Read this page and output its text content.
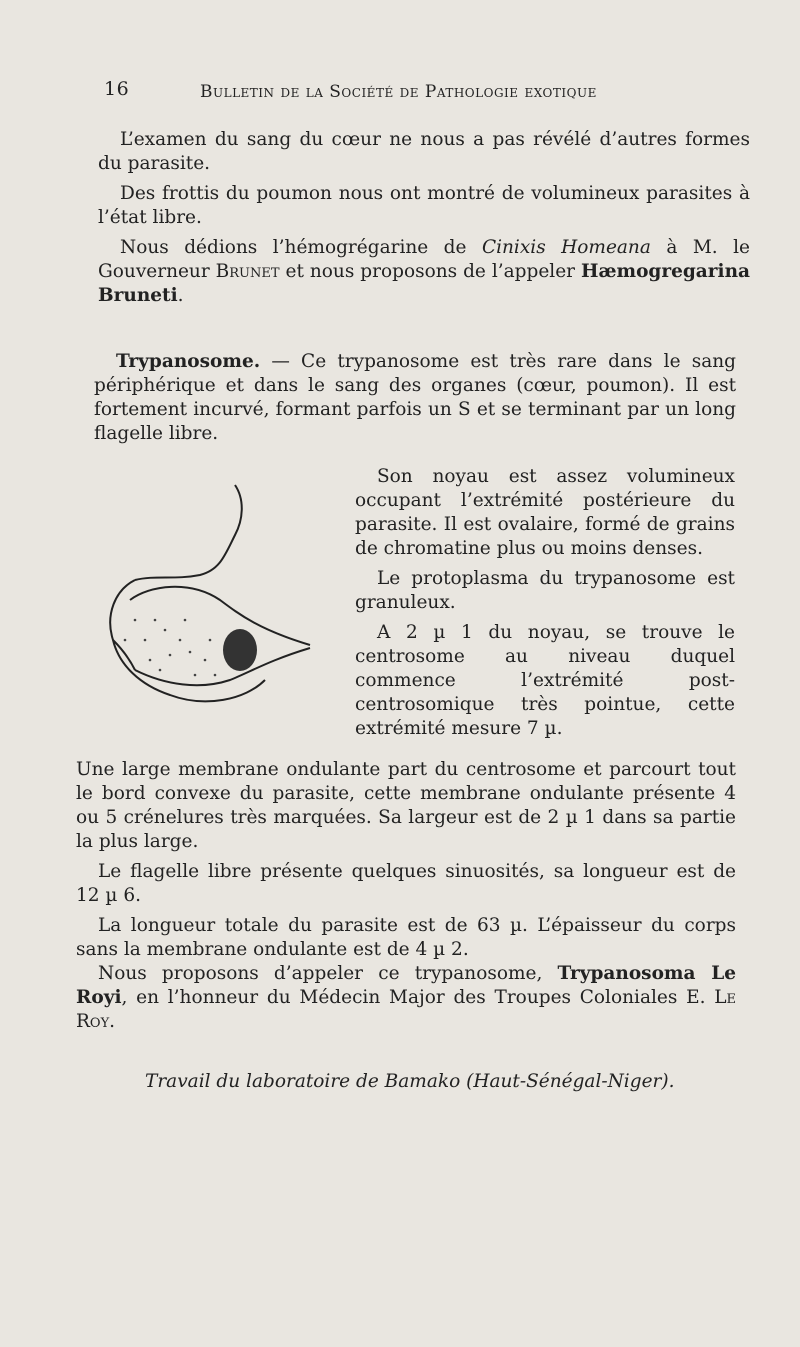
16	Bulletin de la Société de Pathologie exotique

L’examen du sang du cœur ne nous a pas révélé d’autres formes du parasite.

Des frottis du poumon nous ont montré de volumineux parasites à l’état libre.

Nous dédions l’hémogrégarine de Cinixis Homeana à M. le Gouverneur Brunet et nous proposons de l’appeler Hæmogregarina Bruneti.

Trypanosome. — Ce trypanosome est très rare dans le sang périphérique et dans le sang des organes (cœur, poumon). Il est fortement incurvé, formant parfois un S et se terminant par un long flagelle libre.

Son noyau est assez volumineux occupant l’extrémité postérieure du parasite. Il est ovalaire, formé de grains de chromatine plus ou moins denses.

Le protoplasma du trypanosome est granuleux.

A 2 µ 1 du noyau, se trouve le centrosome au niveau duquel commence l’extrémité post-centrosomique très pointue, cette extrémité mesure 7 µ.

Une large membrane ondulante part du centrosome et parcourt tout le bord convexe du parasite, cette membrane ondulante présente 4 ou 5 crénelures très marquées. Sa largeur est de 2 µ 1 dans sa partie la plus large.

Le flagelle libre présente quelques sinuosités, sa longueur est de 12 µ 6.

La longueur totale du parasite est de 63 µ. L’épaisseur du corps sans la membrane ondulante est de 4 µ 2.

Nous proposons d’appeler ce trypanosome, Trypanosoma Le Royi, en l’honneur du Médecin Major des Troupes Coloniales E. Le Roy.

Travail du laboratoire de Bamako (Haut-Sénégal-Niger).
